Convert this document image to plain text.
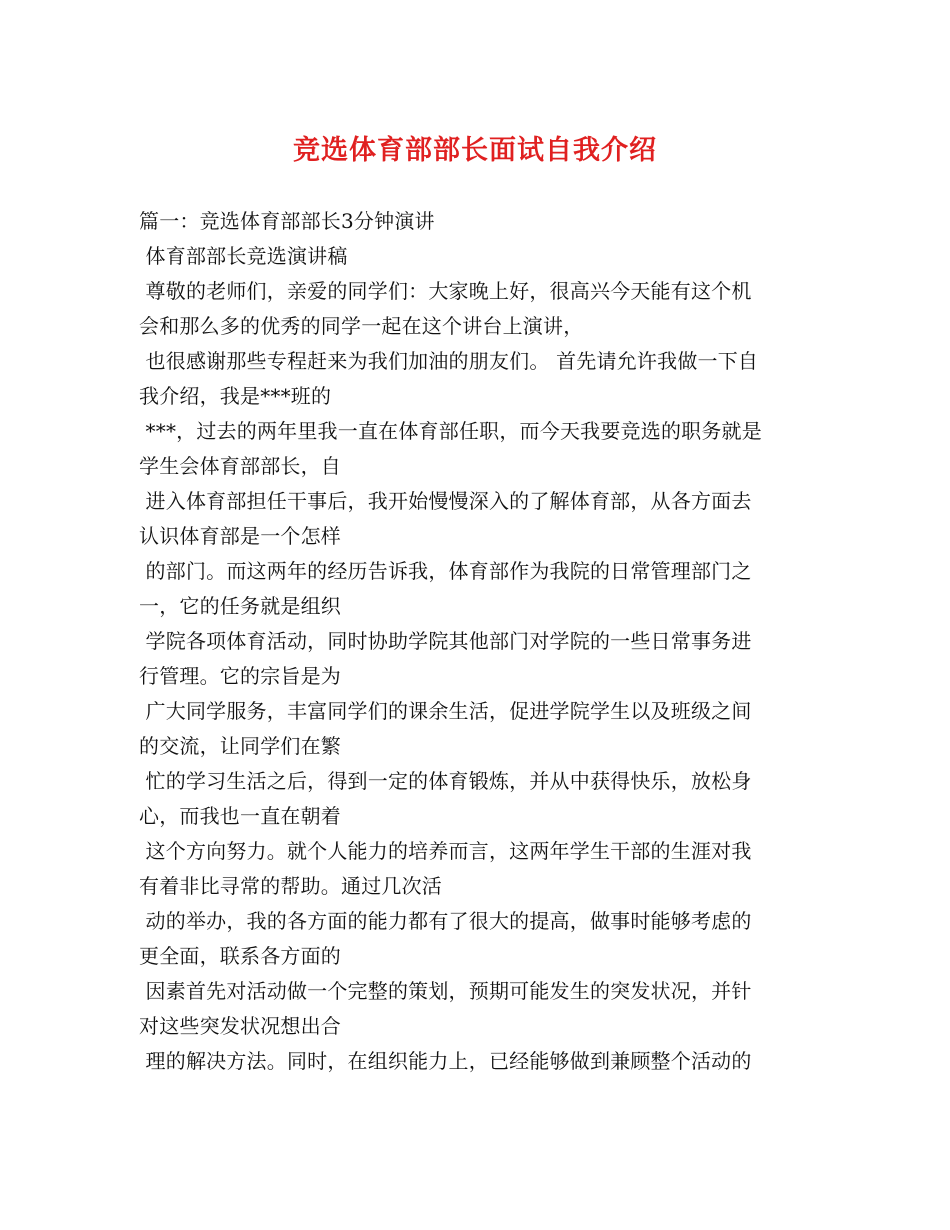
竞选体育部部长面试自我介绍
篇一：竞选体育部部长3分钟演讲
体育部部长竞选演讲稿
尊敬的老师们，亲爱的同学们：大家晚上好，很高兴今天能有这个机
会和那么多的优秀的同学一起在这个讲台上演讲，
也很感谢那些专程赶来为我们加油的朋友们。 首先请允许我做一下自
我介绍，我是***班的
***，过去的两年里我一直在体育部任职，而今天我要竞选的职务就是
学生会体育部部长，自
进入体育部担任干事后，我开始慢慢深入的了解体育部，从各方面去
认识体育部是一个怎样
的部门。而这两年的经历告诉我，体育部作为我院的日常管理部门之
一，它的任务就是组织
学院各项体育活动，同时协助学院其他部门对学院的一些日常事务进
行管理。它的宗旨是为
广大同学服务，丰富同学们的课余生活，促进学院学生以及班级之间
的交流，让同学们在繁
忙的学习生活之后，得到一定的体育锻炼，并从中获得快乐，放松身
心，而我也一直在朝着
这个方向努力。就个人能力的培养而言，这两年学生干部的生涯对我
有着非比寻常的帮助。通过几次活
动的举办，我的各方面的能力都有了很大的提高，做事时能够考虑的
更全面，联系各方面的
因素首先对活动做一个完整的策划，预期可能发生的突发状况，并针
对这些突发状况想出合
理的解决方法。同时，在组织能力上，已经能够做到兼顾整个活动的
